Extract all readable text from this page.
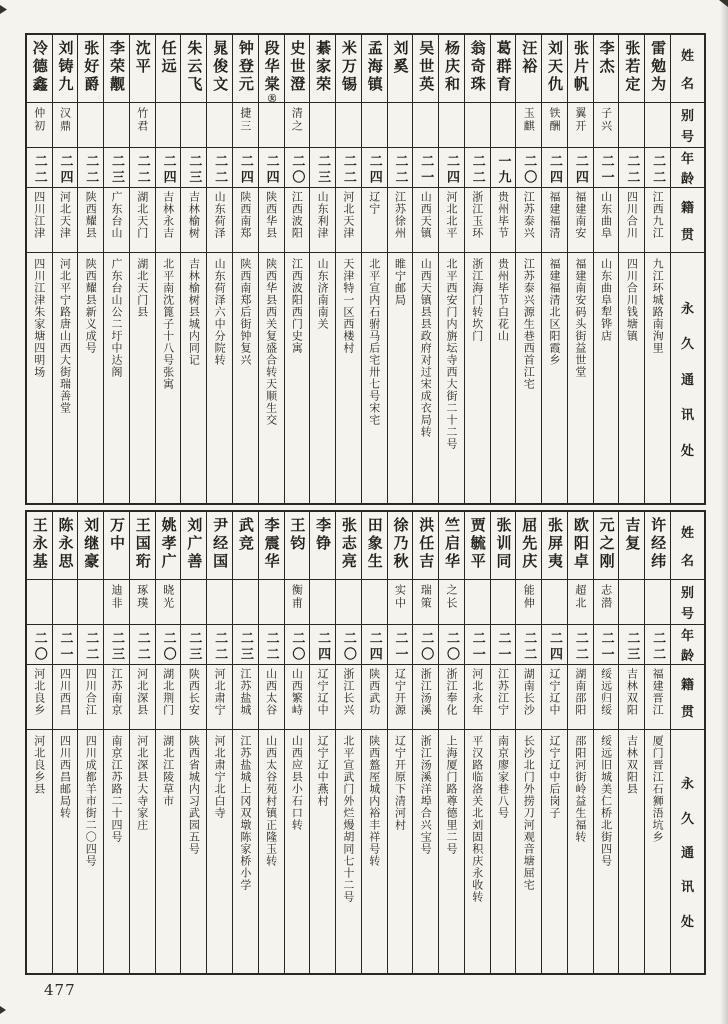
姓
名
别
号
年
龄
籍
贯
永
久
通
讯
处
雷勉为
二二
江西九江
九江环城路南洵里
张若定
二二
四川合川
四川合川钱塘镇
李杰
子兴
二一
山东曲阜
山东曲阜犁铧店
张片帆
翼开
二四
福建南安
福建南安码头街益世堂
刘天仇
铁酬
二四
福建福清
福建福清北区阳霞乡
汪裕
玉麒
二〇
江苏泰兴
江苏泰兴源生巷西首江宅
葛群育
一九
贵州毕节
贵州毕节白花山
翁奇珠
二二
浙江玉环
浙江海门转坎门
杨庆和
二四
河北北平
北平西安门内旃坛寺西大街二十二号
吴世英
二一
山西天镇
山西天镇县县政府对过宋成衣局转
刘奚
二二
江苏徐州
睢宁邮局
孟海镇
二四
辽宁
北平宣内石驸马后宅卅七号宋宅
米万锡
二二
河北天津
天津特一区西楼村
綦家荣
二三
山东利津
山东济南南关
史世澄
清之
二〇
江西波阳
江西波阳西门史寓
段华棠㊛
二四
陕西华县
陕西华县西关复盛合转天顺生交
钟登元
捷三
二四
陕西南郑
陕西南郑后街钟复兴
晁俊文
二二
山东荷泽
山东荷泽六中分院转
朱云飞
二三
吉林榆树
吉林榆树县城内同记
任远
二四
吉林永吉
北平南沈篦子十八号张寓
沈平
竹君
二二
湖北天门
湖北天门县
李荣觏
二三
广东台山
广东台山公二圩中达阁
张好爵
二二
陕西耀县
陕西耀县新义成号
刘铸九
汉鼎
二四
河北天津
河北平宁路唐山西大街瑞善堂
冷德鑫
仲初
二二
四川江津
四川江津朱家塘四明场
姓
名
别
号
年
龄
籍
贯
永
久
通
讯
处
许经纬
二二
福建晋江
厦门晋江石狮浯坑乡
吉复
二三
吉林双阳
吉林双阳县
元之刚
志潜
二一
绥远归绥
绥远旧城美仁桥北街四号
欧阳卓
超北
二二
湖南邵阳
邵阳河街岭益生福转
张屏夷
二四
辽宁辽中
辽宁辽中后岗子
屈先庆
能伸
二二
湖南长沙
长沙北门外捞刀河观音塘屈宅
张训同
二一
江苏江宁
南京廖家巷八号
贾毓平
二一
河北永年
平汉路临洛关北刘固积庆永收转
竺启华
之长
二〇
浙江奉化
上海厦门路尊德里二号
洪任吉
瑞策
二〇
浙江汤溪
浙江汤溪洋埠合兴宝号
徐乃秋
实中
二一
辽宁开源
辽宁开原下清河村
田象生
二四
陕西武功
陕西盩厔城内裕丰祥号转
张志亮
二〇
浙江长兴
北平宣武门外烂熳胡同七十二号
李铮
二四
辽宁辽中
辽宁辽中燕村
王钧
衡甫
二〇
山西繁峙
山西应县小石口转
李震华
二二
山西太谷
山西太谷苑村镇正隆玉转
武竞
二三
江苏盐城
江苏盐城上冈双墩陈家桥小学
尹经国
二二
河北肃宁
河北肃宁北白寺
刘广善
二三
陕西长安
陕西省城内习武园五号
姚孝广
晓光
二〇
湖北荆门
湖北江陵草市
王国珩
琢璞
二二
河北深县
河北深县大寺家庄
万中
迪非
二三
江苏南京
南京江苏路二十四号
刘继豪
二二
四川合江
四川成都羊市街二〇四号
陈永思
二一
四川西昌
四川西昌邮局转
王永基
二〇
河北良乡
河北良乡县
477
